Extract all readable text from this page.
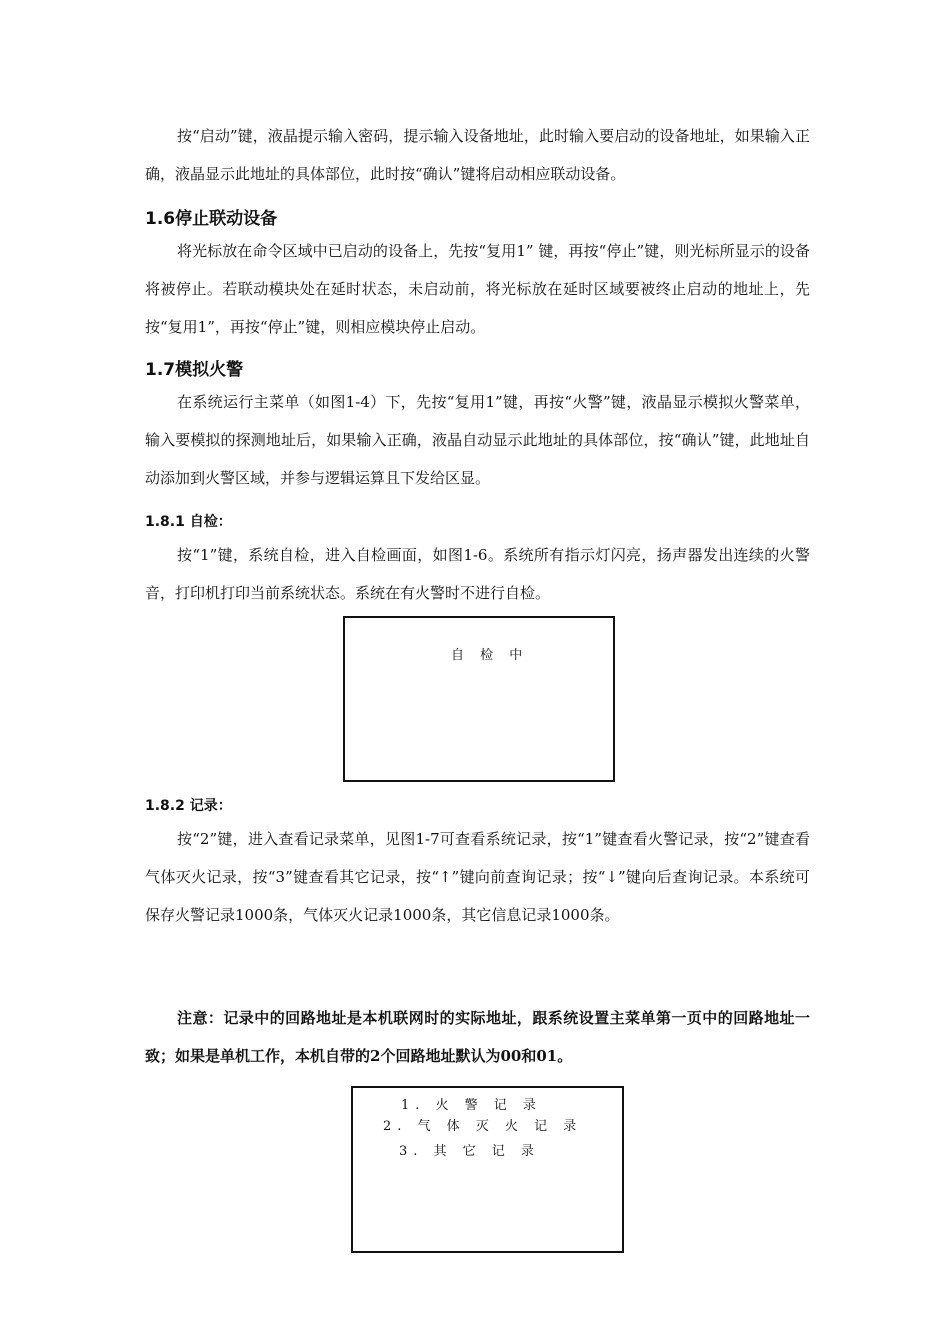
按“启动”键，液晶提示输入密码，提示输入设备地址，此时输入要启动的设备地址，如果输入正确，液晶显示此地址的具体部位，此时按“确认”键将启动相应联动设备。

1.6停止联动设备

将光标放在命令区域中已启动的设备上，先按“复用1” 键，再按“停止”键，则光标所显示的设备将被停止。若联动模块处在延时状态，未启动前，将光标放在延时区域要被终止启动的地址上，先按“复用1”，再按“停止”键，则相应模块停止启动。

1.7模拟火警

在系统运行主菜单（如图1-4）下，先按“复用1”键，再按“火警”键，液晶显示模拟火警菜单，输入要模拟的探测地址后，如果输入正确，液晶自动显示此地址的具体部位，按“确认”键，此地址自动添加到火警区域，并参与逻辑运算且下发给区显。

1.8.1 自检：

按“1”键，系统自检，进入自检画面，如图1-6。系统所有指示灯闪亮，扬声器发出连续的火警音，打印机打印当前系统状态。系统在有火警时不进行自检。

自 检 中

1.8.2 记录：

按“2”键，进入查看记录菜单，见图1-7可查看系统记录，按“1”键查看火警记录，按“2”键查看气体灭火记录，按“3”键查看其它记录，按“↑”键向前查询记录；按“↓”键向后查询记录。本系统可保存火警记录1000条，气体灭火记录1000条，其它信息记录1000条。

注意：记录中的回路地址是本机联网时的实际地址，跟系统设置主菜单第一页中的回路地址一致；如果是单机工作，本机自带的2个回路地址默认为00和01。

1. 火 警 记 录

2. 气 体 灭 火 记 录

3. 其 它 记 录
